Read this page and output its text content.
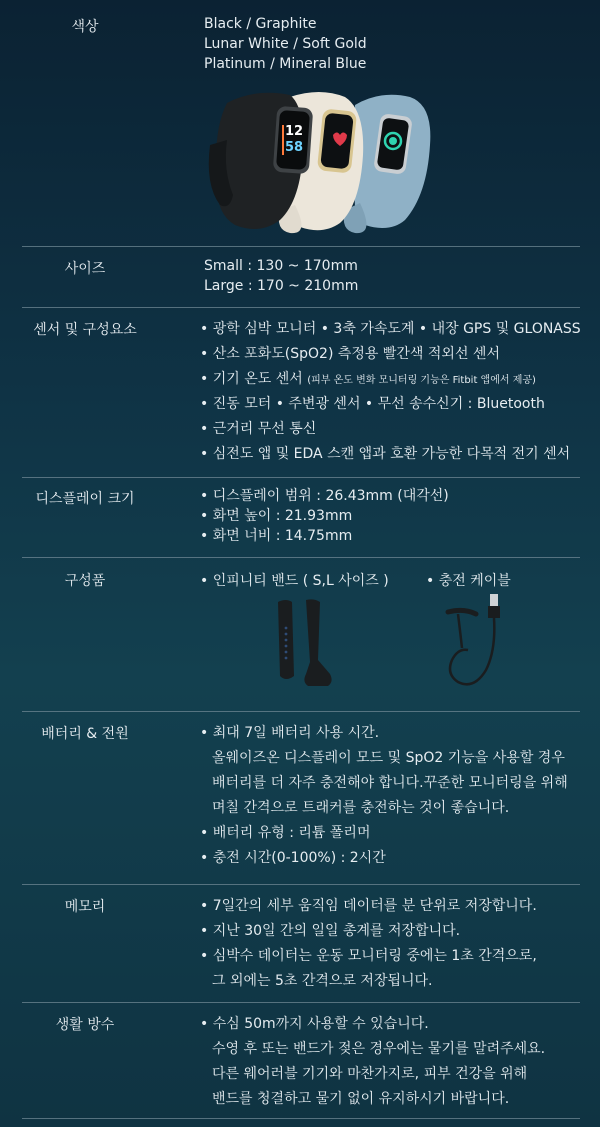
색상	Black / Graphite
Lunar White / Soft Gold
Platinum / Mineral Blue
12
58
사이즈	Small : 130 ~ 170mm
Large : 170 ~ 210mm
센서 및 구성요소	• 광학 심박 모니터 • 3축 가속도계 • 내장 GPS 및 GLONASS
• 산소 포화도(SpO2) 측정용 빨간색 적외선 센서
• 기기 온도 센서 (피부 온도 변화 모니터링 기능은 Fitbit 앱에서 제공)
• 진동 모터 • 주변광 센서 • 무선 송수신기 : Bluetooth
• 근거리 무선 통신
• 심전도 앱 및 EDA 스캔 앱과 호환 가능한 다목적 전기 센서
디스플레이 크기	• 디스플레이 범위 : 26.43mm (대각선)
• 화면 높이 : 21.93mm
• 화면 너비 : 14.75mm
구성품	• 인피니티 밴드 ( S,L 사이즈 )	• 충전 케이블
배터리 & 전원	• 최대 7일 배터리 사용 시간.
올웨이즈온 디스플레이 모드 및 SpO2 기능을 사용할 경우
배터리를 더 자주 충전해야 합니다.꾸준한 모니터링을 위해
며칠 간격으로 트래커를 충전하는 것이 좋습니다.
• 배터리 유형 : 리튬 폴리머
• 충전 시간(0-100%) : 2시간
메모리	• 7일간의 세부 움직임 데이터를 분 단위로 저장합니다.
• 지난 30일 간의 일일 총계를 저장합니다.
• 심박수 데이터는 운동 모니터링 중에는 1초 간격으로,
그 외에는 5초 간격으로 저장됩니다.
생활 방수	• 수심 50m까지 사용할 수 있습니다.
수영 후 또는 밴드가 젖은 경우에는 물기를 말려주세요.
다른 웨어러블 기기와 마찬가지로, 피부 건강을 위해
밴드를 청결하고 물기 없이 유지하시기 바랍니다.
